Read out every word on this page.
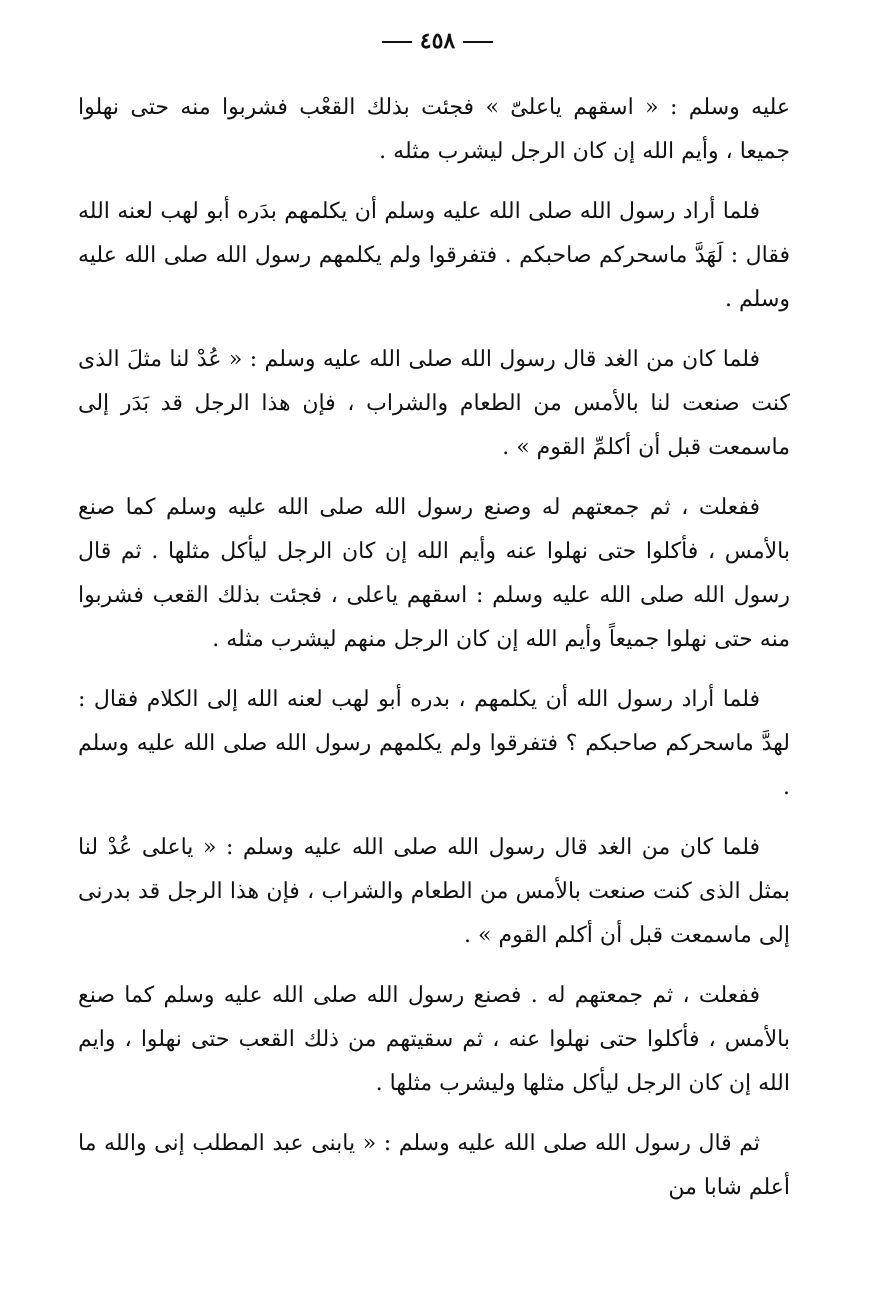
٤٥٨

عليه وسلم : « اسقهم ياعلىّ » فجئت بذلك القعْب فشربوا منه حتى نهلوا جميعا ، وأيم الله إن كان الرجل ليشرب مثله .

فلما أراد رسول الله صلى الله عليه وسلم أن يكلمهم بدَره أبو لهب لعنه الله فقال : لَهَدَّ ماسحركم صاحبكم . فتفرقوا ولم يكلمهم رسول الله صلى الله عليه وسلم .

فلما كان من الغد قال رسول الله صلى الله عليه وسلم : « عُدْ لنا مثلَ الذى كنت صنعت لنا بالأمس من الطعام والشراب ، فإن هذا الرجل قد بَدَر إلى ماسمعت قبل أن أكلمِّ القوم » .

ففعلت ، ثم جمعتهم له وصنع رسول الله صلى الله عليه وسلم كما صنع بالأمس ، فأكلوا حتى نهلوا عنه وأيم الله إن كان الرجل ليأكل مثلها . ثم قال رسول الله صلى الله عليه وسلم : اسقهم ياعلى ، فجئت بذلك القعب فشربوا منه حتى نهلوا جميعاً وأيم الله إن كان الرجل منهم ليشرب مثله .

فلما أراد رسول الله أن يكلمهم ، بدره أبو لهب لعنه الله إلى الكلام فقال : لهدَّ ماسحركم صاحبكم ؟ فتفرقوا ولم يكلمهم رسول الله صلى الله عليه وسلم .

فلما كان من الغد قال رسول الله صلى الله عليه وسلم : « ياعلى عُدْ لنا بمثل الذى كنت صنعت بالأمس من الطعام والشراب ، فإن هذا الرجل قد بدرنى إلى ماسمعت قبل أن أكلم القوم » .

ففعلت ، ثم جمعتهم له . فصنع رسول الله صلى الله عليه وسلم كما صنع بالأمس ، فأكلوا حتى نهلوا عنه ، ثم سقيتهم من ذلك القعب حتى نهلوا ، وايم الله إن كان الرجل ليأكل مثلها وليشرب مثلها .

ثم قال رسول الله صلى الله عليه وسلم : « يابنى عبد المطلب إنى والله ما أعلم شابا من
